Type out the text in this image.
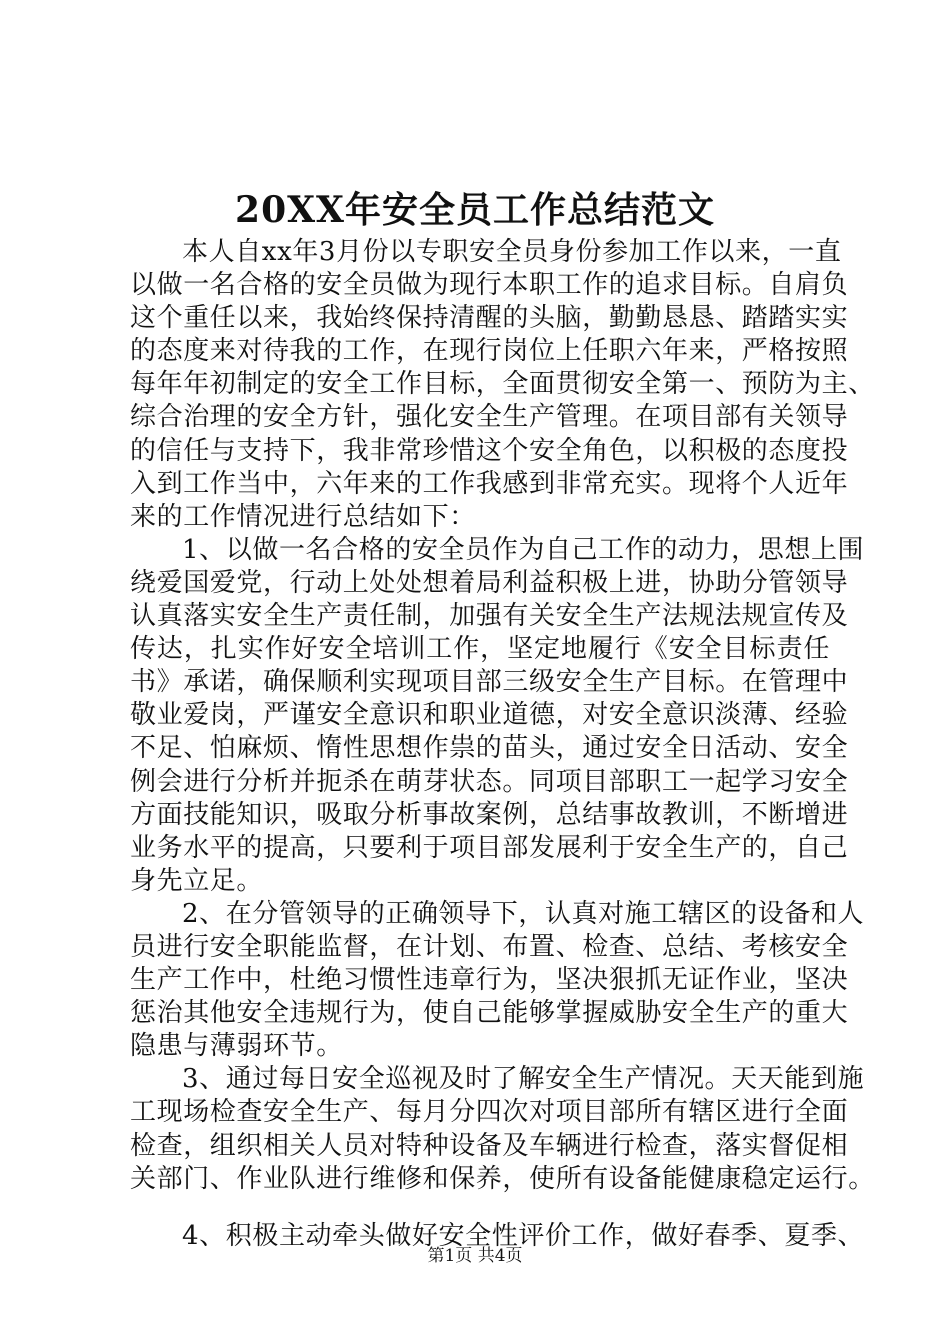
20XX年安全员工作总结范文
本人自xx年3月份以专职安全员身份参加工作以来，一直
以做一名合格的安全员做为现行本职工作的追求目标。自肩负
这个重任以来，我始终保持清醒的头脑，勤勤恳恳、踏踏实实
的态度来对待我的工作，在现行岗位上任职六年来，严格按照
每年年初制定的安全工作目标，全面贯彻安全第一、预防为主、
综合治理的安全方针，强化安全生产管理。在项目部有关领导
的信任与支持下，我非常珍惜这个安全角色，以积极的态度投
入到工作当中，六年来的工作我感到非常充实。现将个人近年
来的工作情况进行总结如下：
1、以做一名合格的安全员作为自己工作的动力，思想上围
绕爱国爱党，行动上处处想着局利益积极上进，协助分管领导
认真落实安全生产责任制，加强有关安全生产法规法规宣传及
传达，扎实作好安全培训工作，坚定地履行《安全目标责任
书》承诺，确保顺利实现项目部三级安全生产目标。在管理中
敬业爱岗，严谨安全意识和职业道德，对安全意识淡薄、经验
不足、怕麻烦、惰性思想作祟的苗头，通过安全日活动、安全
例会进行分析并扼杀在萌芽状态。同项目部职工一起学习安全
方面技能知识，吸取分析事故案例，总结事故教训，不断增进
业务水平的提高，只要利于项目部发展利于安全生产的，自己
身先立足。
2、在分管领导的正确领导下，认真对施工辖区的设备和人
员进行安全职能监督，在计划、布置、检查、总结、考核安全
生产工作中，杜绝习惯性违章行为，坚决狠抓无证作业，坚决
惩治其他安全违规行为，使自己能够掌握威胁安全生产的重大
隐患与薄弱环节。
3、通过每日安全巡视及时了解安全生产情况。天天能到施
工现场检查安全生产、每月分四次对项目部所有辖区进行全面
检查，组织相关人员对特种设备及车辆进行检查，落实督促相
关部门、作业队进行维修和保养，使所有设备能健康稳定运行。
4、积极主动牵头做好安全性评价工作，做好春季、夏季、
第1页 共4页
